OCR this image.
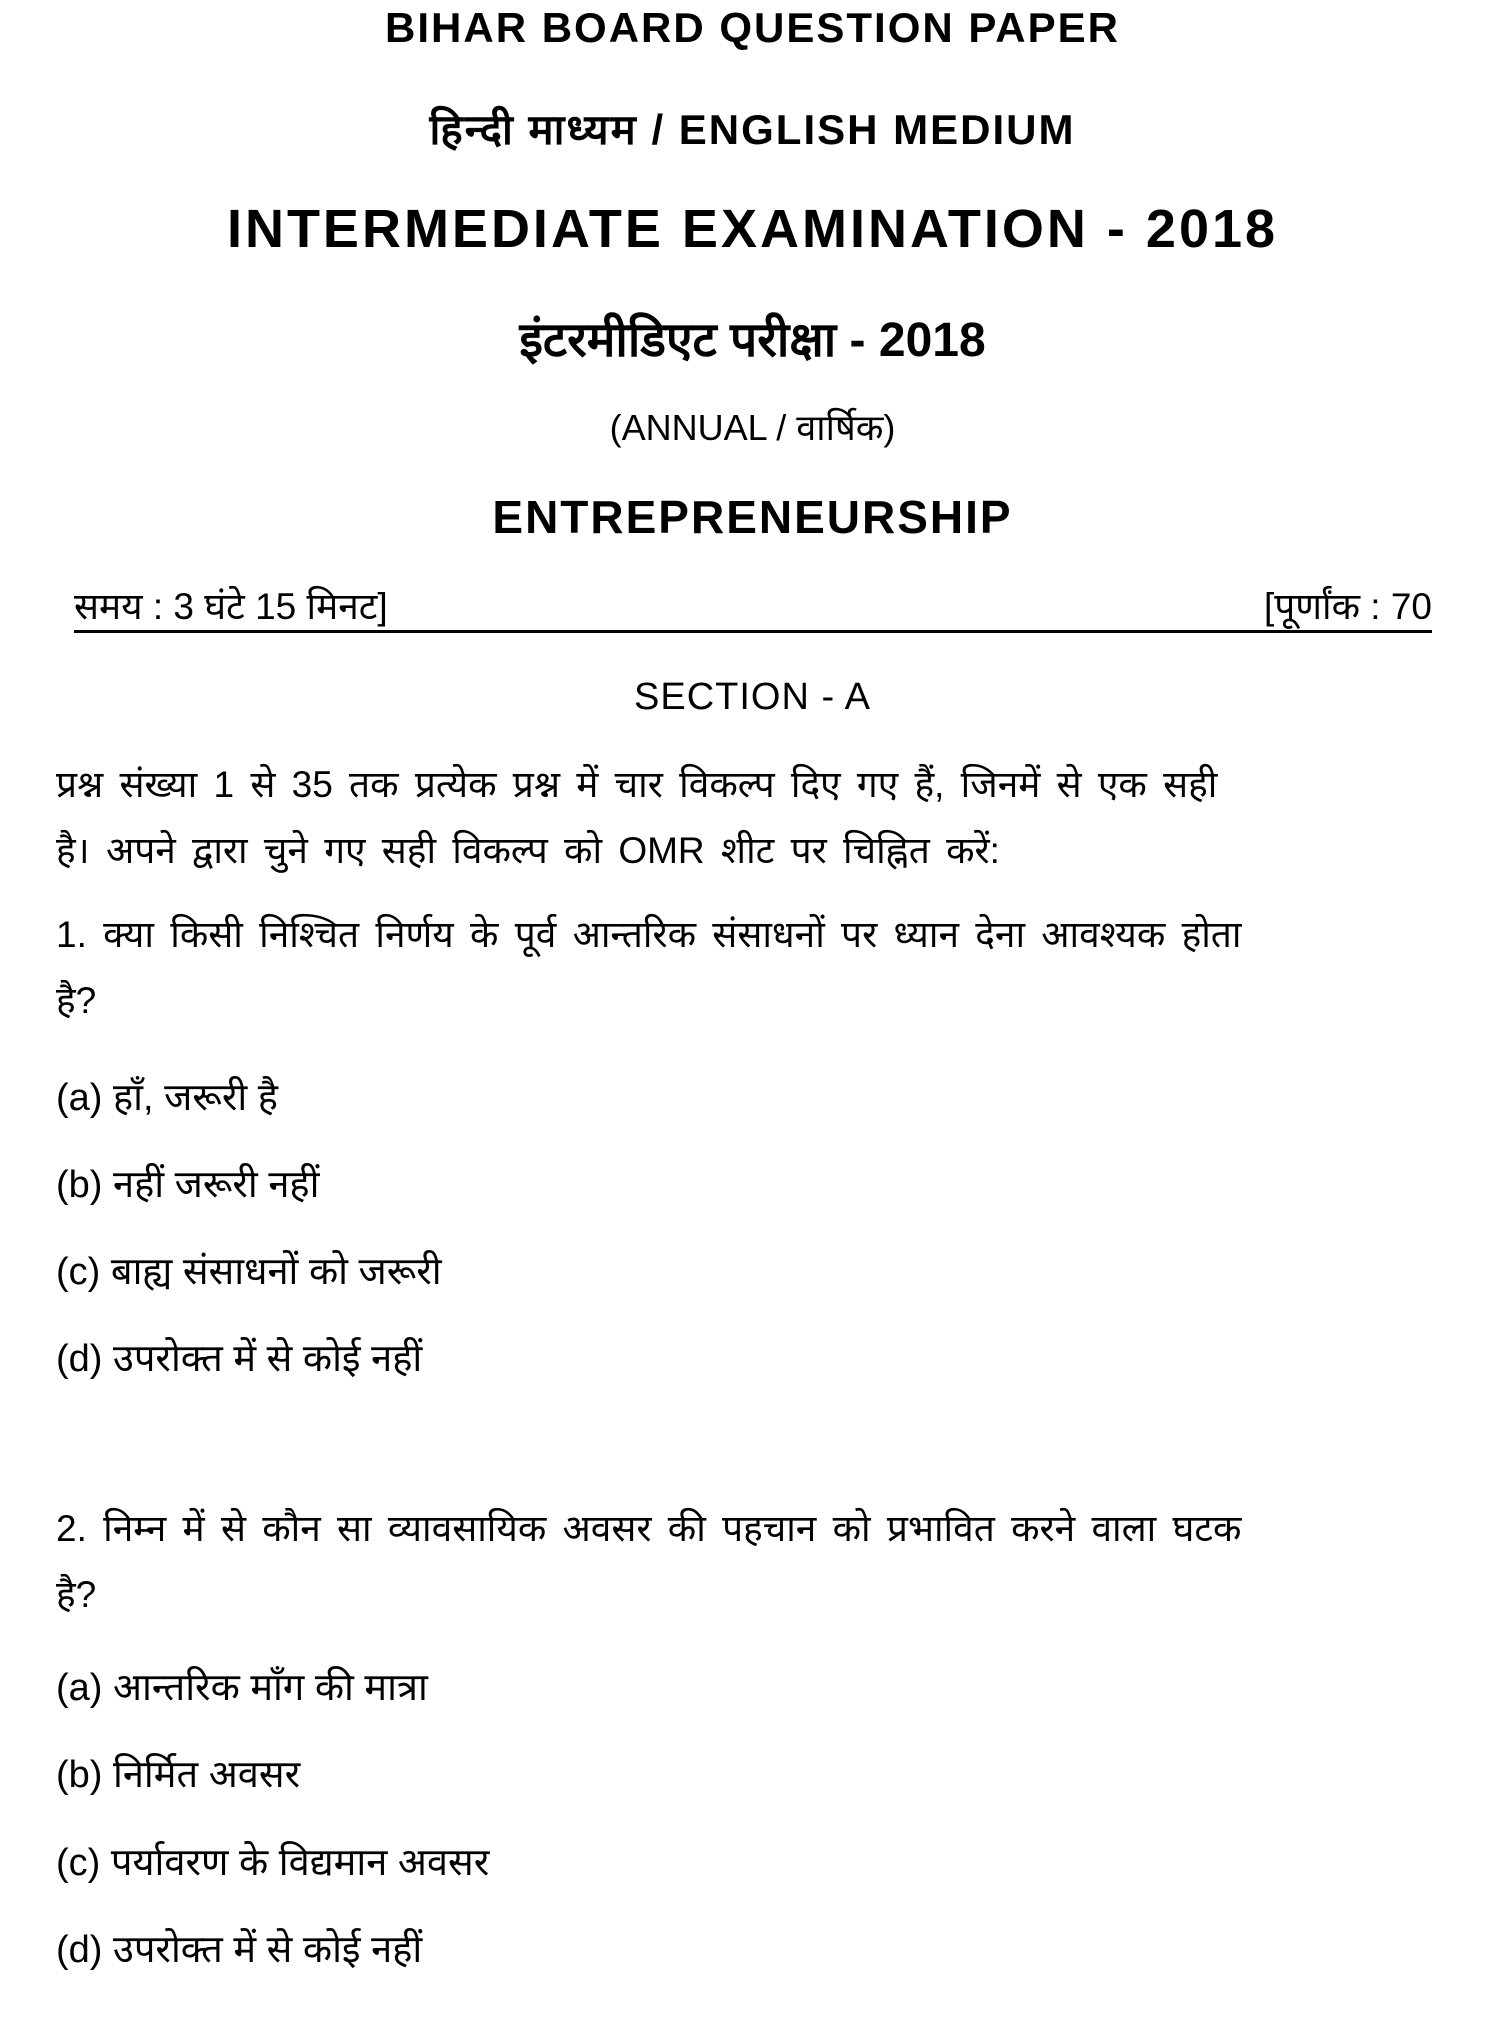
BIHAR BOARD QUESTION PAPER
हिन्दी माध्यम / ENGLISH MEDIUM
INTERMEDIATE EXAMINATION - 2018
इंटरमीडिएट परीक्षा - 2018
(ANNUAL / वार्षिक)
ENTREPRENEURSHIP
समय : 3 घंटे 15 मिनट]	[पूर्णांक : 70
SECTION - A
प्रश्न संख्या 1 से 35 तक प्रत्येक प्रश्न में चार विकल्प दिए गए हैं, जिनमें से एक सही
है। अपने द्वारा चुने गए सही विकल्प को OMR शीट पर चिह्नित करें:
1. क्या किसी निश्चित निर्णय के पूर्व आन्तरिक संसाधनों पर ध्यान देना आवश्यक होता
है?
(a) हाँ, जरूरी है
(b) नहीं जरूरी नहीं
(c) बाह्य संसाधनों को जरूरी
(d) उपरोक्त में से कोई नहीं
2. निम्न में से कौन सा व्यावसायिक अवसर की पहचान को प्रभावित करने वाला घटक
है?
(a) आन्तरिक माँग की मात्रा
(b) निर्मित अवसर
(c) पर्यावरण के विद्यमान अवसर
(d) उपरोक्त में से कोई नहीं
